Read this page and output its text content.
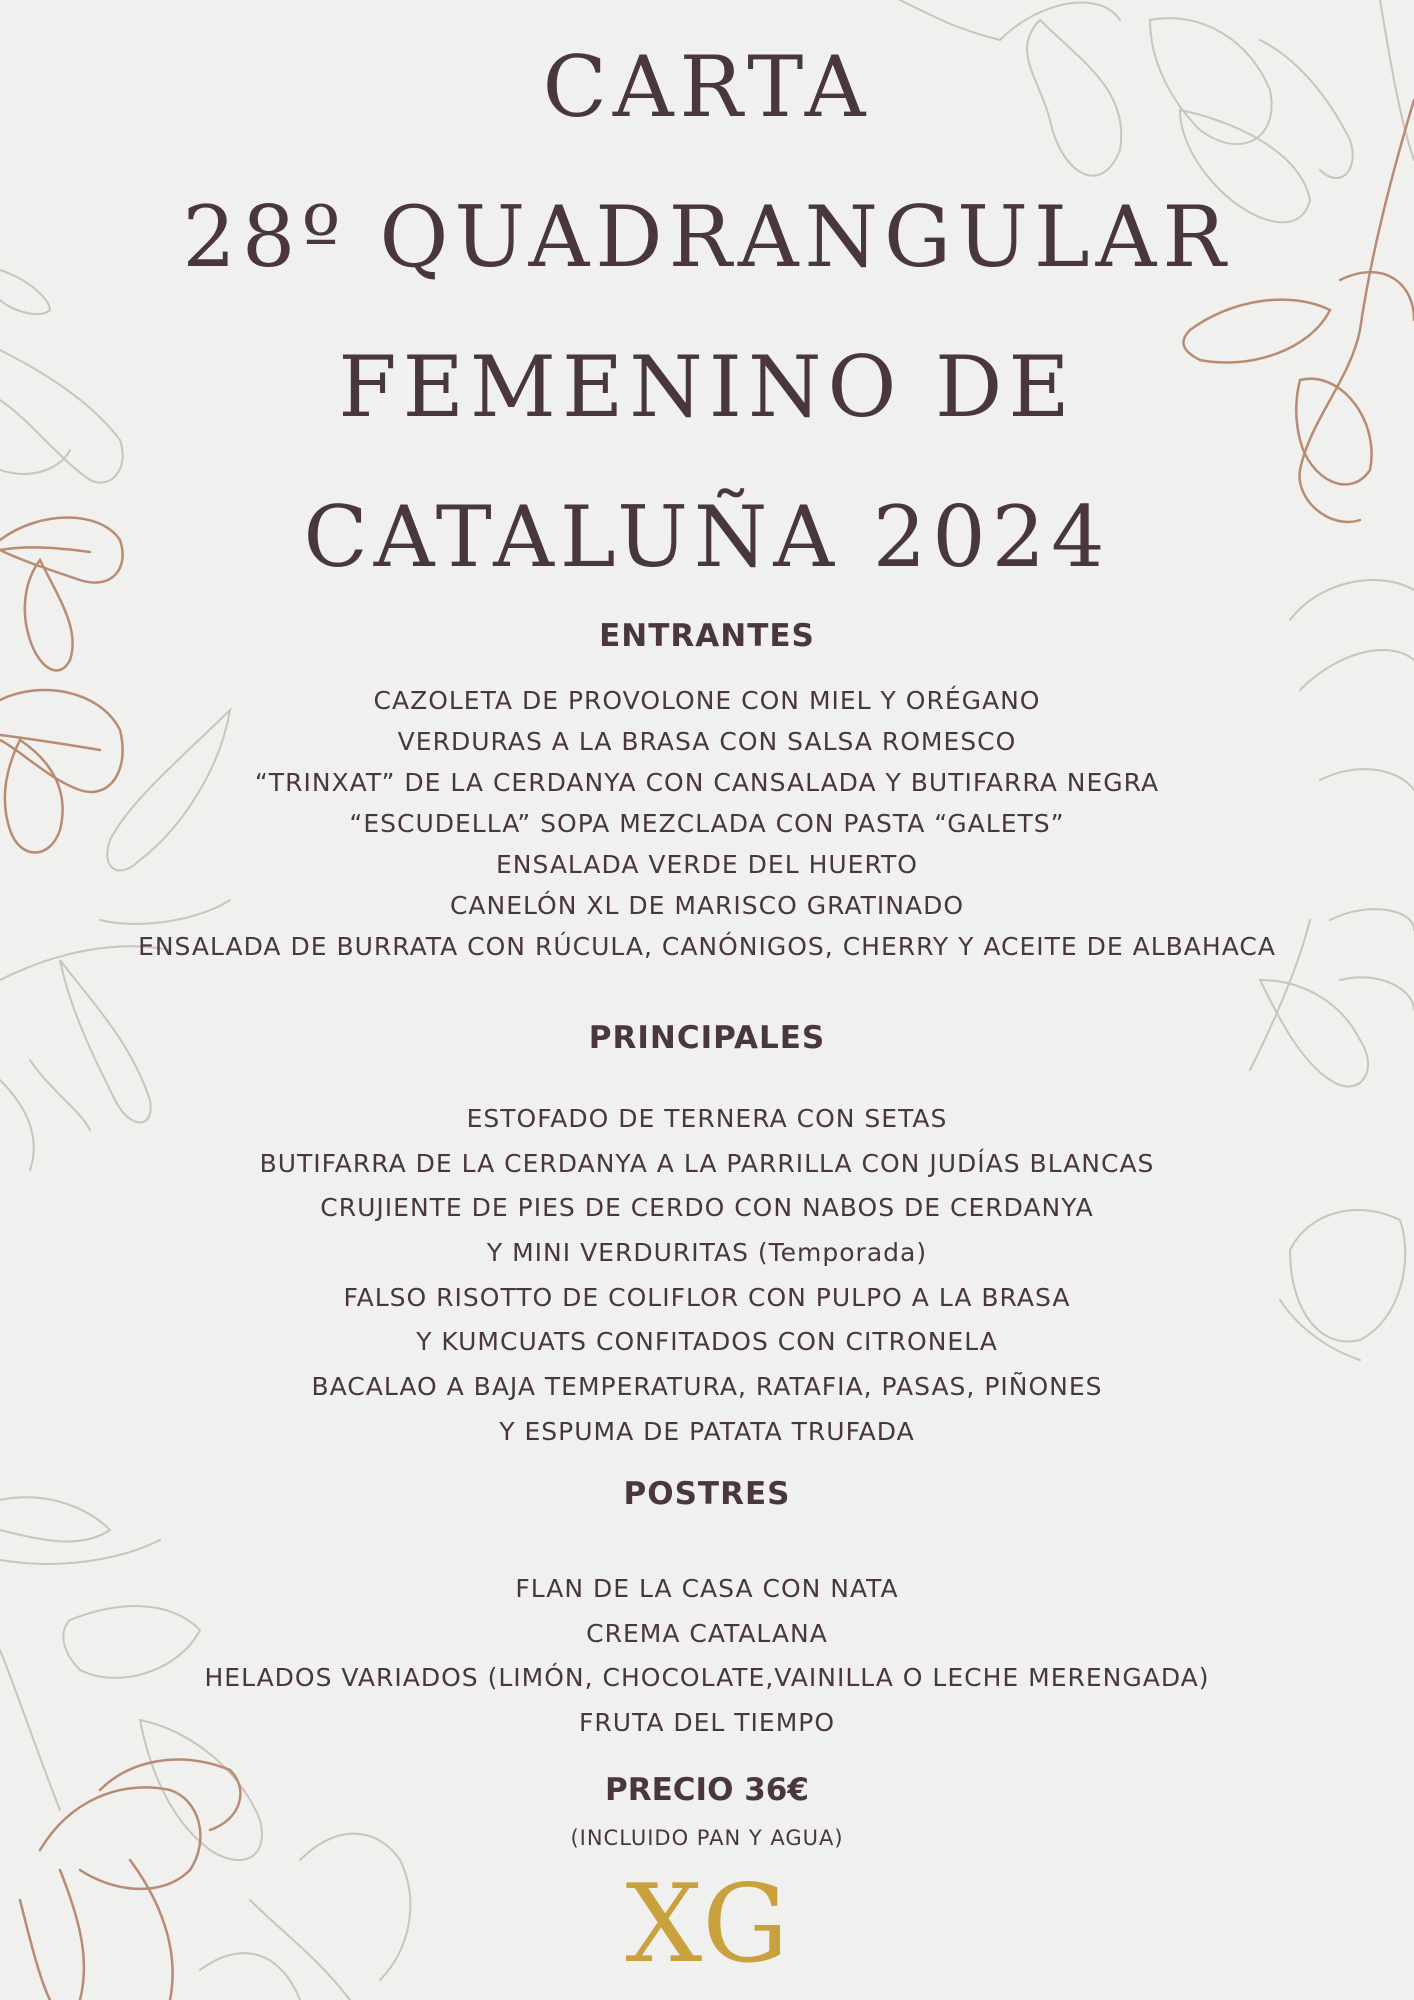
CARTA
28º QUADRANGULAR
FEMENINO DE
CATALUÑA 2024
ENTRANTES
CAZOLETA DE PROVOLONE CON MIEL Y ORÉGANO
VERDURAS A LA BRASA CON SALSA ROMESCO
“TRINXAT” DE LA CERDANYA CON CANSALADA Y BUTIFARRA NEGRA
“ESCUDELLA” SOPA MEZCLADA CON PASTA “GALETS”
ENSALADA VERDE DEL HUERTO
CANELÓN XL DE MARISCO GRATINADO
ENSALADA DE BURRATA CON RÚCULA, CANÓNIGOS, CHERRY Y ACEITE DE ALBAHACA
PRINCIPALES
ESTOFADO DE TERNERA CON SETAS
BUTIFARRA DE LA CERDANYA A LA PARRILLA CON JUDÍAS BLANCAS
CRUJIENTE DE PIES DE CERDO CON NABOS DE CERDANYA
Y MINI VERDURITAS (Temporada)
FALSO RISOTTO DE COLIFLOR CON PULPO A LA BRASA
Y KUMCUATS CONFITADOS CON CITRONELA
BACALAO A BAJA TEMPERATURA, RATAFIA, PASAS, PIÑONES
Y ESPUMA DE PATATA TRUFADA
POSTRES
FLAN DE LA CASA CON NATA
CREMA CATALANA
HELADOS VARIADOS (LIMÓN, CHOCOLATE,VAINILLA O LECHE MERENGADA)
FRUTA DEL TIEMPO
PRECIO 36€
(INCLUIDO PAN Y AGUA)
XG
